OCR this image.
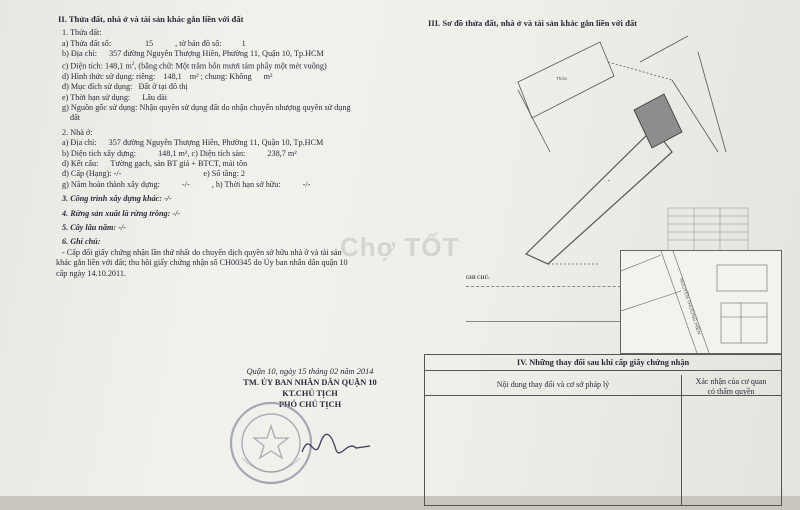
II. Thửa đất, nhà ở và tài sản khác gắn liền với đất
1. Thửa đất:
a) Thửa đất số:	15	, tờ bản đồ số: 1
b) Địa chỉ: 357 đường Nguyễn Thượng Hiền, Phường 11, Quận 10, Tp.HCM
c) Diện tích: 148,1 $m^2$, (bằng chữ: Một trăm bốn mươi tám phẩy một mét vuông)
d) Hình thức sử dụng: riêng: 148,1 m² ; chung: Không m²
đ) Mục đích sử dụng: Đất ở tại đô thị
e) Thời hạn sử dụng: Lâu dài
g) Nguồn gốc sử dụng: Nhận quyền sử dụng đất do nhận chuyển nhượng quyền sử dụng
đất
2. Nhà ở:
a) Địa chỉ: 357 đường Nguyễn Thượng Hiền, Phường 11, Quận 10, Tp.HCM
b) Diện tích xây dựng:	148,1 m², c) Diện tích sàn:	238,7 m²
d) Kết cấu: Tường gạch, sàn BT giả + BTCT, mái tôn
đ) Cấp (Hạng): -/-	e) Số tầng: 2
g) Năm hoàn thành xây dựng:	-/-	, h) Thời hạn sở hữu:	-/-
3. Công trình xây dựng khác: -/-
4. Rừng sản xuất là rừng trồng: -/-
5. Cây lâu năm: -/-
6. Ghi chú:
- Cấp đổi giấy chứng nhận lần thứ nhất do chuyển dịch quyền sở hữu nhà ở và tài sản
khác gắn liền với đất; thu hồi giấy chứng nhận số CH00345 do Ủy ban nhân dân quận 10
cấp ngày 14.10.2011.
Quận 10, ngày 15 tháng 02 năm 2014
TM. ỦY BAN NHÂN DÂN QUẬN 10
KT.CHỦ TỊCH
PHÓ CHỦ TỊCH
III. Sơ đồ thửa đất, nhà ở và tài sản khác gắn liền với đất
Thửa
▪
GHI CHÚ:	NGUYỄN THƯỢNG HIỀN
IV. Những thay đổi sau khi cấp giấy chứng nhận
Nội dung thay đổi và cơ sở pháp lý	Xác nhận của cơ quan
có thẩm quyền
Chợ TỐT
